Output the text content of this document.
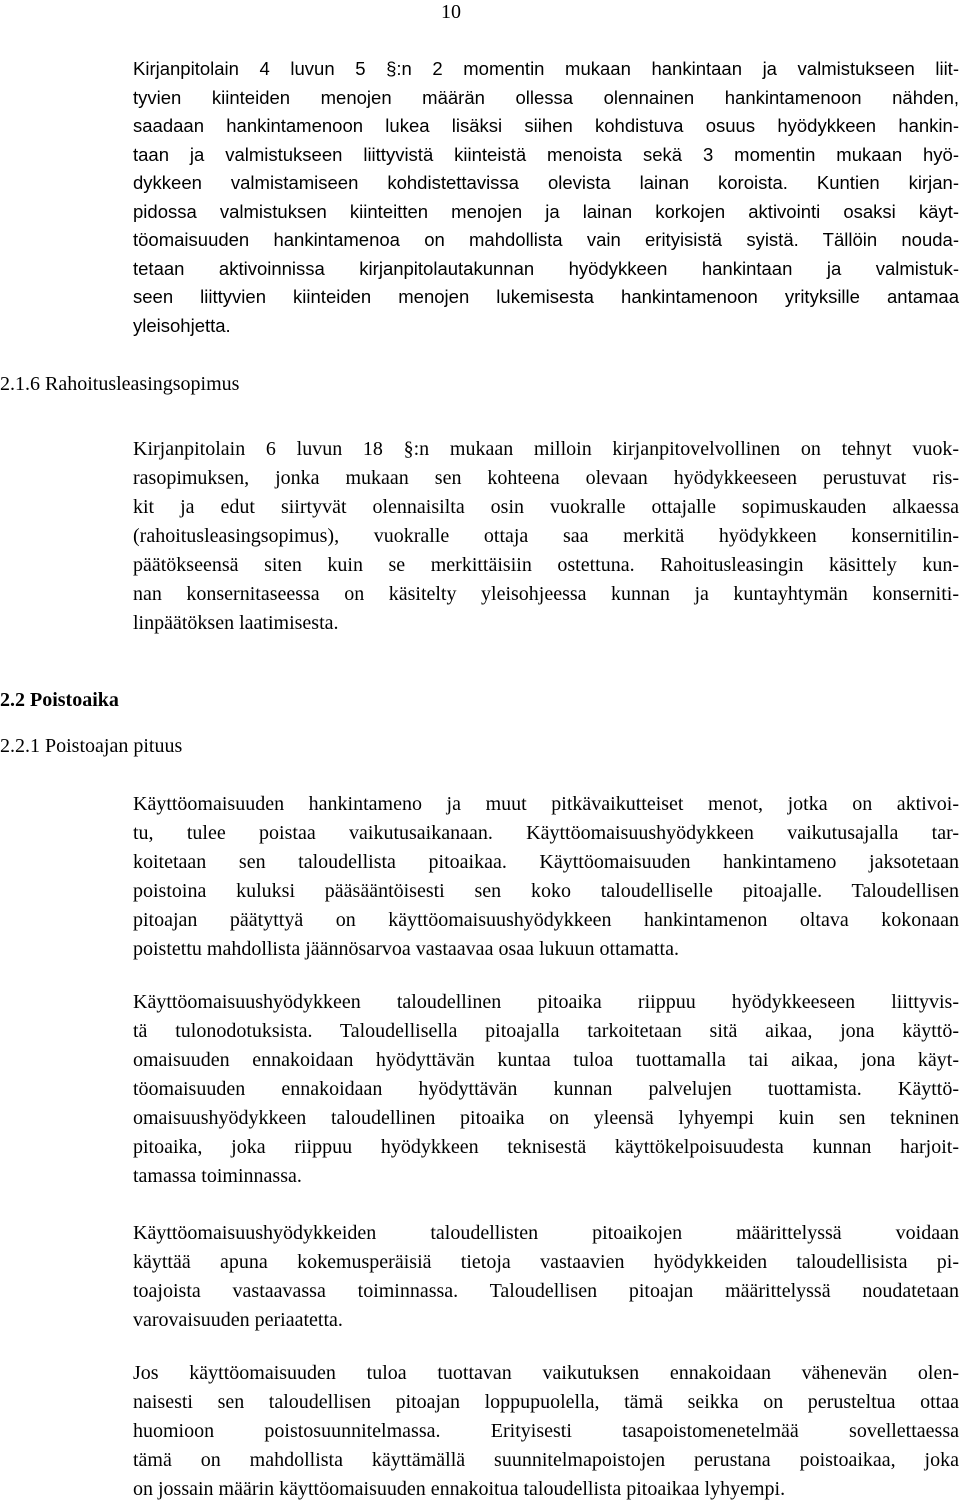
10
Kirjanpitolain 4 luvun 5 §:n 2 momentin mukaan hankintaan ja valmistukseen liit-
tyvien kiinteiden menojen määrän ollessa olennainen hankintamenoon nähden,
saadaan hankintamenoon lukea lisäksi siihen kohdistuva osuus hyödykkeen hankin-
taan ja valmistukseen liittyvistä kiinteistä menoista sekä 3 momentin mukaan hyö-
dykkeen valmistamiseen kohdistettavissa olevista lainan koroista. Kuntien kirjan-
pidossa valmistuksen kiinteitten menojen ja lainan korkojen aktivointi osaksi käyt-
töomaisuuden hankintamenoa on mahdollista vain erityisistä syistä. Tällöin nouda-
tetaan aktivoinnissa kirjanpitolautakunnan hyödykkeen hankintaan ja valmistuk-
seen liittyvien kiinteiden menojen lukemisesta hankintamenoon yrityksille antamaa
yleisohjetta.
2.1.6 Rahoitusleasingsopimus
Kirjanpitolain 6 luvun 18 §:n mukaan milloin kirjanpitovelvollinen on tehnyt vuok-
rasopimuksen, jonka mukaan sen kohteena olevaan hyödykkeeseen perustuvat ris-
kit ja edut siirtyvät olennaisilta osin vuokralle ottajalle sopimuskauden alkaessa
(rahoitusleasingsopimus), vuokralle ottaja saa merkitä hyödykkeen konsernitilin-
päätökseensä siten kuin se merkittäisiin ostettuna. Rahoitusleasingin käsittely kun-
nan konsernitaseessa on käsitelty yleisohjeessa kunnan ja kuntayhtymän konserniti-
linpäätöksen laatimisesta.
2.2 Poistoaika
2.2.1 Poistoajan pituus
Käyttöomaisuuden hankintameno ja muut pitkävaikutteiset menot, jotka on aktivoi-
tu, tulee poistaa vaikutusaikanaan. Käyttöomaisuushyödykkeen vaikutusajalla tar-
koitetaan sen taloudellista pitoaikaa. Käyttöomaisuuden hankintameno jaksotetaan
poistoina kuluksi pääsääntöisesti sen koko taloudelliselle pitoajalle. Taloudellisen
pitoajan päätyttyä on käyttöomaisuushyödykkeen hankintamenon oltava kokonaan
poistettu mahdollista jäännösarvoa vastaavaa osaa lukuun ottamatta.
Käyttöomaisuushyödykkeen taloudellinen pitoaika riippuu hyödykkeeseen liittyvis-
tä tulonodotuksista. Taloudellisella pitoajalla tarkoitetaan sitä aikaa, jona käyttö-
omaisuuden ennakoidaan hyödyttävän kuntaa tuloa tuottamalla tai aikaa, jona käyt-
töomaisuuden ennakoidaan hyödyttävän kunnan palvelujen tuottamista. Käyttö-
omaisuushyödykkeen taloudellinen pitoaika on yleensä lyhyempi kuin sen tekninen
pitoaika, joka riippuu hyödykkeen teknisestä käyttökelpoisuudesta kunnan harjoit-
tamassa toiminnassa.
Käyttöomaisuushyödykkeiden taloudellisten pitoaikojen määrittelyssä voidaan
käyttää apuna kokemusperäisiä tietoja vastaavien hyödykkeiden taloudellisista pi-
toajoista vastaavassa toiminnassa. Taloudellisen pitoajan määrittelyssä noudatetaan
varovaisuuden periaatetta.
Jos käyttöomaisuuden tuloa tuottavan vaikutuksen ennakoidaan vähenevän olen-
naisesti sen taloudellisen pitoajan loppupuolella, tämä seikka on perusteltua ottaa
huomioon poistosuunnitelmassa. Erityisesti tasapoistomenetelmää sovellettaessa
tämä on mahdollista käyttämällä suunnitelmapoistojen perustana poistoaikaa, joka
on jossain määrin käyttöomaisuuden ennakoitua taloudellista pitoaikaa lyhyempi.
